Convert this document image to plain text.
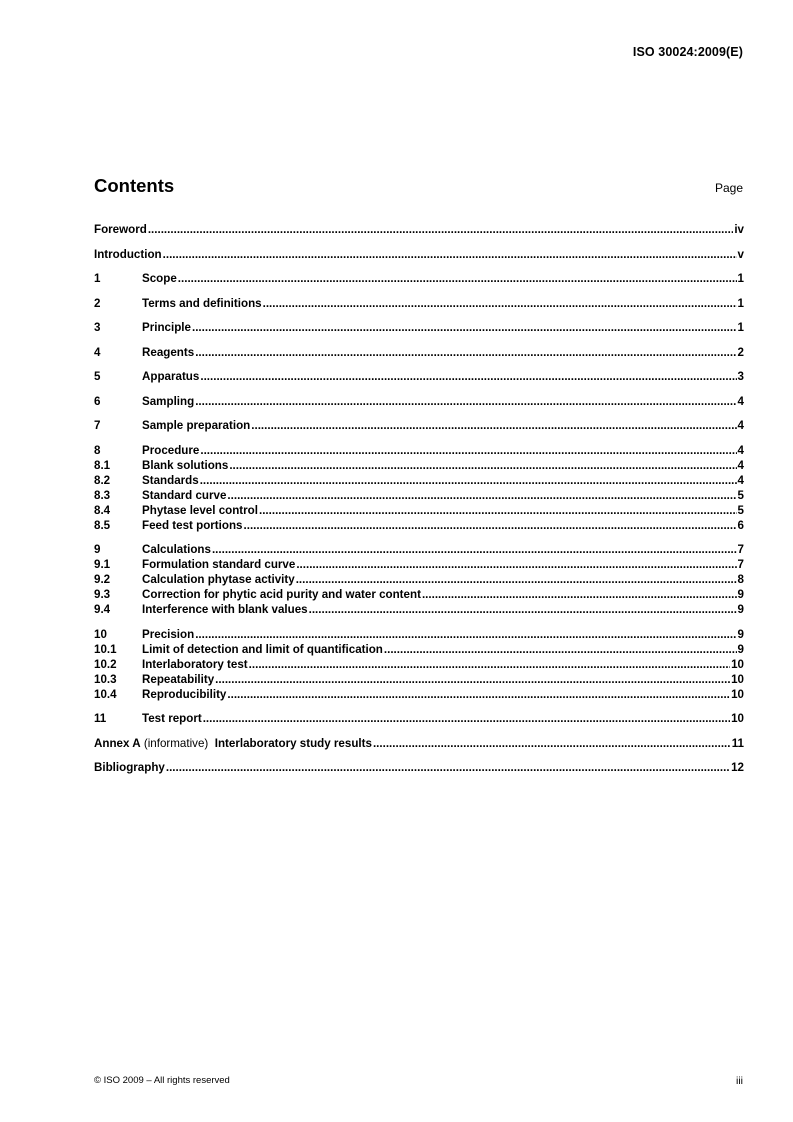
ISO 30024:2009(E)
Contents	Page
Foreword .....	iv
Introduction .....	v
1	Scope .....	1
2	Terms and definitions .....	1
3	Principle .....	1
4	Reagents .....	2
5	Apparatus .....	3
6	Sampling .....	4
7	Sample preparation .....	4
8	Procedure .....	4
8.1	Blank solutions .....	4
8.2	Standards .....	4
8.3	Standard curve .....	5
8.4	Phytase level control .....	5
8.5	Feed test portions .....	6
9	Calculations .....	7
9.1	Formulation standard curve .....	7
9.2	Calculation phytase activity .....	8
9.3	Correction for phytic acid purity and water content .....	9
9.4	Interference with blank values .....	9
10	Precision .....	9
10.1	Limit of detection and limit of quantification .....	9
10.2	Interlaboratory test .....	10
10.3	Repeatability .....	10
10.4	Reproducibility .....	10
11	Test report .....	10
Annex A (informative) Interlaboratory study results .....	11
Bibliography .....	12
© ISO 2009 – All rights reserved	iii
